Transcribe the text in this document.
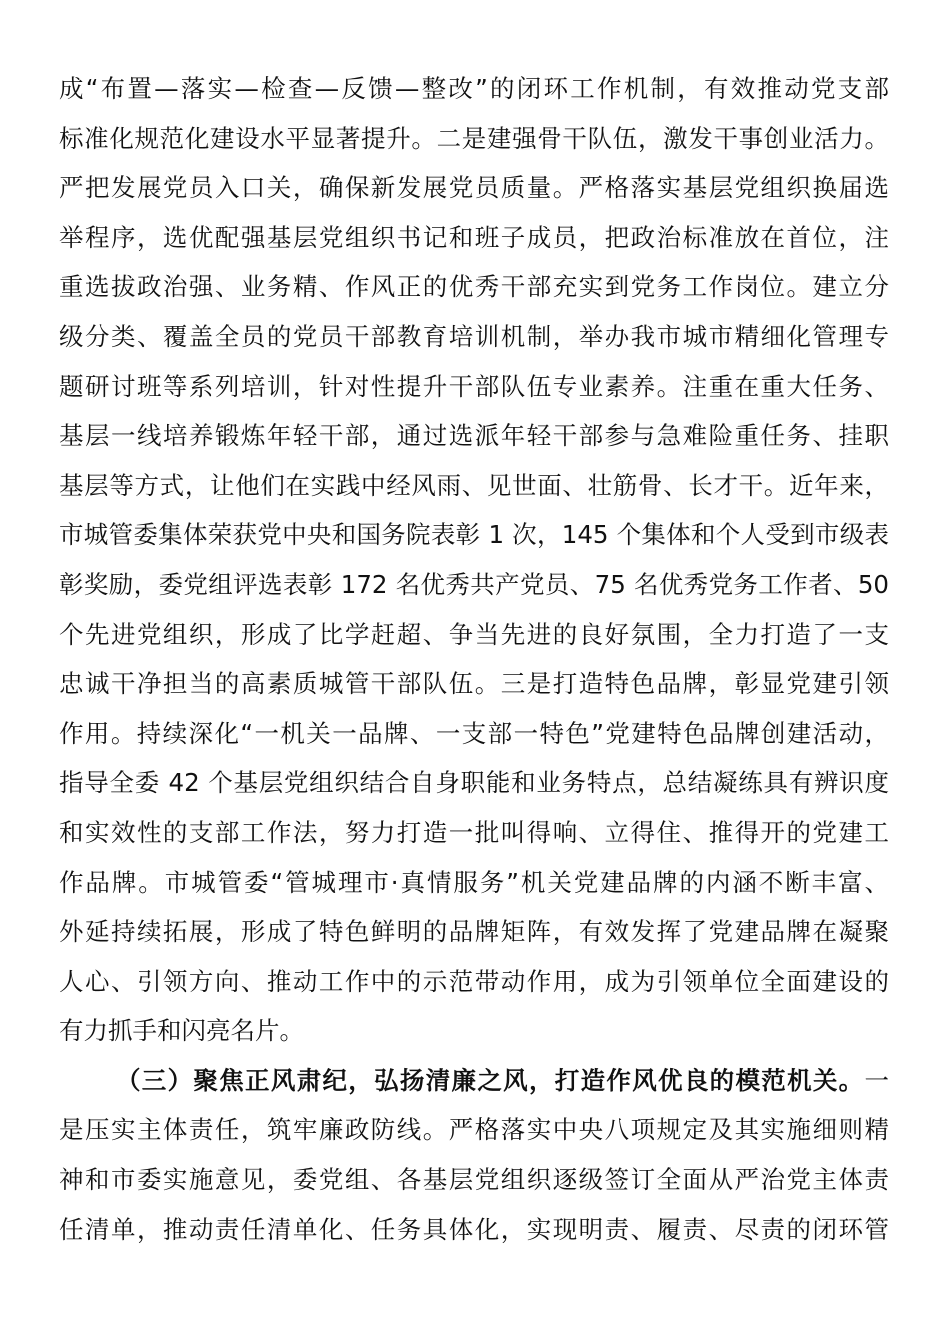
成“布置—落实—检查—反馈—整改”的闭环工作机制，有效推动党支部
标准化规范化建设水平显著提升。二是建强骨干队伍，激发干事创业活力。
严把发展党员入口关，确保新发展党员质量。严格落实基层党组织换届选
举程序，选优配强基层党组织书记和班子成员，把政治标准放在首位，注
重选拔政治强、业务精、作风正的优秀干部充实到党务工作岗位。建立分
级分类、覆盖全员的党员干部教育培训机制，举办我市城市精细化管理专
题研讨班等系列培训，针对性提升干部队伍专业素养。注重在重大任务、
基层一线培养锻炼年轻干部，通过选派年轻干部参与急难险重任务、挂职
基层等方式，让他们在实践中经风雨、见世面、壮筋骨、长才干。近年来，
市城管委集体荣获党中央和国务院表彰 1 次，145 个集体和个人受到市级表
彰奖励，委党组评选表彰 172 名优秀共产党员、75 名优秀党务工作者、50
个先进党组织，形成了比学赶超、争当先进的良好氛围，全力打造了一支
忠诚干净担当的高素质城管干部队伍。三是打造特色品牌，彰显党建引领
作用。持续深化“一机关一品牌、一支部一特色”党建特色品牌创建活动，
指导全委 42 个基层党组织结合自身职能和业务特点，总结凝练具有辨识度
和实效性的支部工作法，努力打造一批叫得响、立得住、推得开的党建工
作品牌。市城管委“管城理市·真情服务”机关党建品牌的内涵不断丰富、
外延持续拓展，形成了特色鲜明的品牌矩阵，有效发挥了党建品牌在凝聚
人心、引领方向、推动工作中的示范带动作用，成为引领单位全面建设的
有力抓手和闪亮名片。
（三）聚焦正风肃纪，弘扬清廉之风，打造作风优良的模范机关。一
是压实主体责任，筑牢廉政防线。严格落实中央八项规定及其实施细则精
神和市委实施意见，委党组、各基层党组织逐级签订全面从严治党主体责
任清单，推动责任清单化、任务具体化，实现明责、履责、尽责的闭环管
